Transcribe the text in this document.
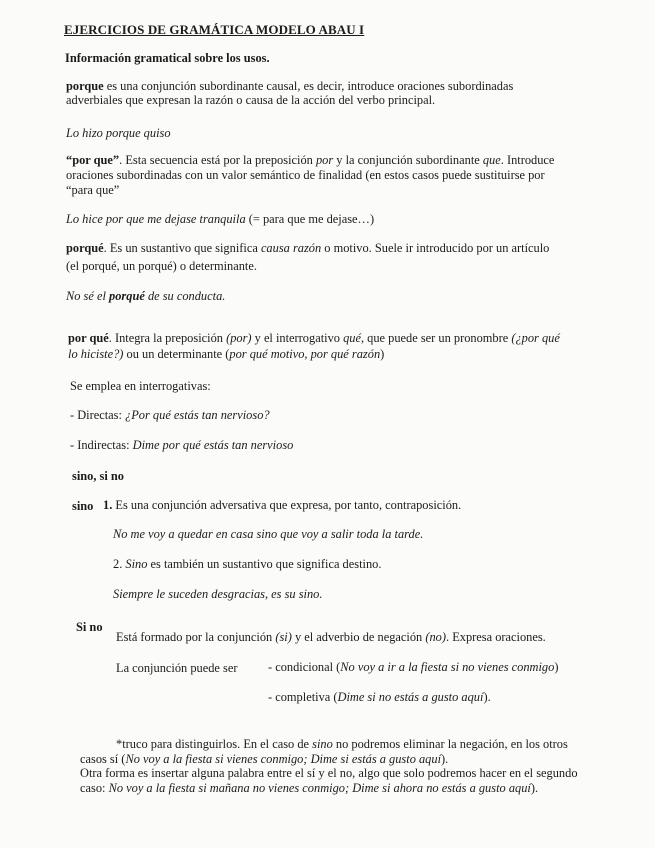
EJERCICIOS DE GRAMÁTICA MODELO ABAU I
Información gramatical sobre los usos.
porque es una conjunción subordinante causal, es decir, introduce oraciones subordinadas
adverbiales que expresan la razón o causa de la acción del verbo principal.
Lo hizo porque quiso
“por que”. Esta secuencia está por la preposición por y la conjunción subordinante que. Introduce
oraciones subordinadas con un valor semántico de finalidad (en estos casos puede sustituirse por
“para que”
Lo hice por que me dejase tranquila (= para que me dejase…)
porqué. Es un sustantivo que significa causa razón o motivo. Suele ir introducido por un artículo
(el porqué, un porqué) o determinante.
No sé el porqué de su conducta.
por qué. Integra la preposición (por) y el interrogativo qué, que puede ser un pronombre (¿por qué
lo hiciste?) ou un determinante (por qué motivo, por qué razón)
Se emplea en interrogativas:
- Directas: ¿Por qué estás tan nervioso?
- Indirectas: Dime por qué estás tan nervioso
sino, si no
sino 1. Es una conjunción adversativa que expresa, por tanto, contraposición.
No me voy a quedar en casa sino que voy a salir toda la tarde.
2. Sino es también un sustantivo que significa destino.
Siempre le suceden desgracias, es su sino.
Si no
Está formado por la conjunción (si) y el adverbio de negación (no). Expresa oraciones.
La conjunción puede ser - condicional (No voy a ir a la fiesta si no vienes conmigo)
- completiva (Dime si no estás a gusto aquí).
*truco para distinguirlos. En el caso de sino no podremos eliminar la negación, en los otros
casos sí (No voy a la fiesta si vienes conmigo; Dime si estás a gusto aquí).
Otra forma es insertar alguna palabra entre el sí y el no, algo que solo podremos hacer en el segundo
caso: No voy a la fiesta si mañana no vienes conmigo; Dime si ahora no estás a gusto aquí).
